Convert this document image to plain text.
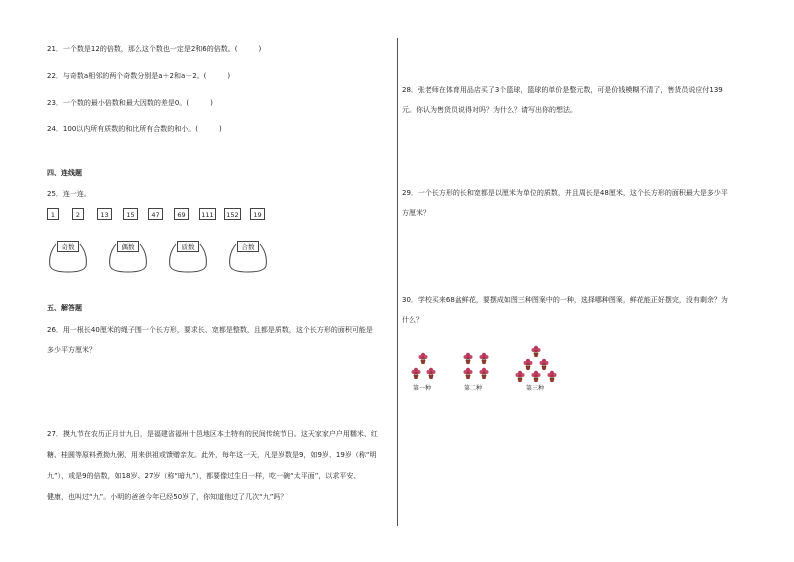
21．一个数是12的倍数，那么这个数也一定是2和6的倍数。(　　　)
22．与奇数a相邻的两个奇数分别是a＋2和a－2。(　　　)
23．一个数的最小倍数和最大因数的差是0。(　　　)
24．100以内所有质数的和比所有合数的和小。(　　　)
四、连线题
25．连一连。
1	2	13	15	47	69	111	152	19
奇数	偶数	质数	合数
五、解答题
26．用一根长40厘米的绳子围一个长方形，要求长、宽都是整数，且都是质数，这个长方形的面积可能是
多少平方厘米？
27．摸九节在农历正月廿九日，是福建省福州十邑地区本土特有的民间传统节日。这天家家户户用糯米、红
糖、桂圆等原料煮拗九粥，用来供祖或馈赠亲友。此外，每年这一天，凡是岁数是9，如9岁、19岁（称“明
九”），或是9的倍数，如18岁、27岁（称“暗九”），都要像过生日一样，吃一碗“太平面”，以求平安、
健康，也叫过“九”。小明的爸爸今年已经50岁了，你知道他过了几次“九”吗？
28．张老师在体育用品店买了3个篮球，篮球的单价是整元数，可是价钱模糊不清了，售货员说应付139
元。你认为售货员说得对吗？为什么？请写出你的想法。
29．一个长方形的长和宽都是以厘米为单位的质数，并且周长是48厘米，这个长方形的面积最大是多少平
方厘米？
30．学校买来68盆鲜花，要摆成如图三种图案中的一种，选择哪种图案，鲜花能正好摆完，没有剩余？为
什么？
第一种	第二种	第三种
